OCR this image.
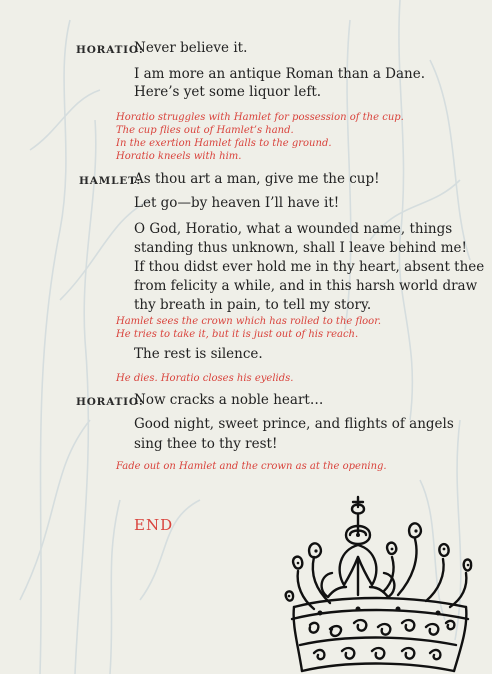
HORATIO:
Never believe it.
I am more an antique Roman than a Dane.
Here’s yet some liquor left.
Horatio struggles with Hamlet for possession of the cup.
The cup flies out of Hamlet’s hand.
In the exertion Hamlet falls to the ground.
Horatio kneels with him.
HAMLET:
As thou art a man, give me the cup!
Let go—by heaven I’ll have it!
O God, Horatio, what a wounded name, things
standing thus unknown, shall I leave behind me!
If thou didst ever hold me in thy heart, absent thee
from felicity a while, and in this harsh world draw
thy breath in pain, to tell my story.
Hamlet sees the crown which has rolled to the floor.
He tries to take it, but it is just out of his reach.
The rest is silence.
He dies. Horatio closes his eyelids.
HORATIO:
Now cracks a noble heart…
Good night, sweet prince, and flights of angels
sing thee to thy rest!
Fade out on Hamlet and the crown as at the opening.
END
